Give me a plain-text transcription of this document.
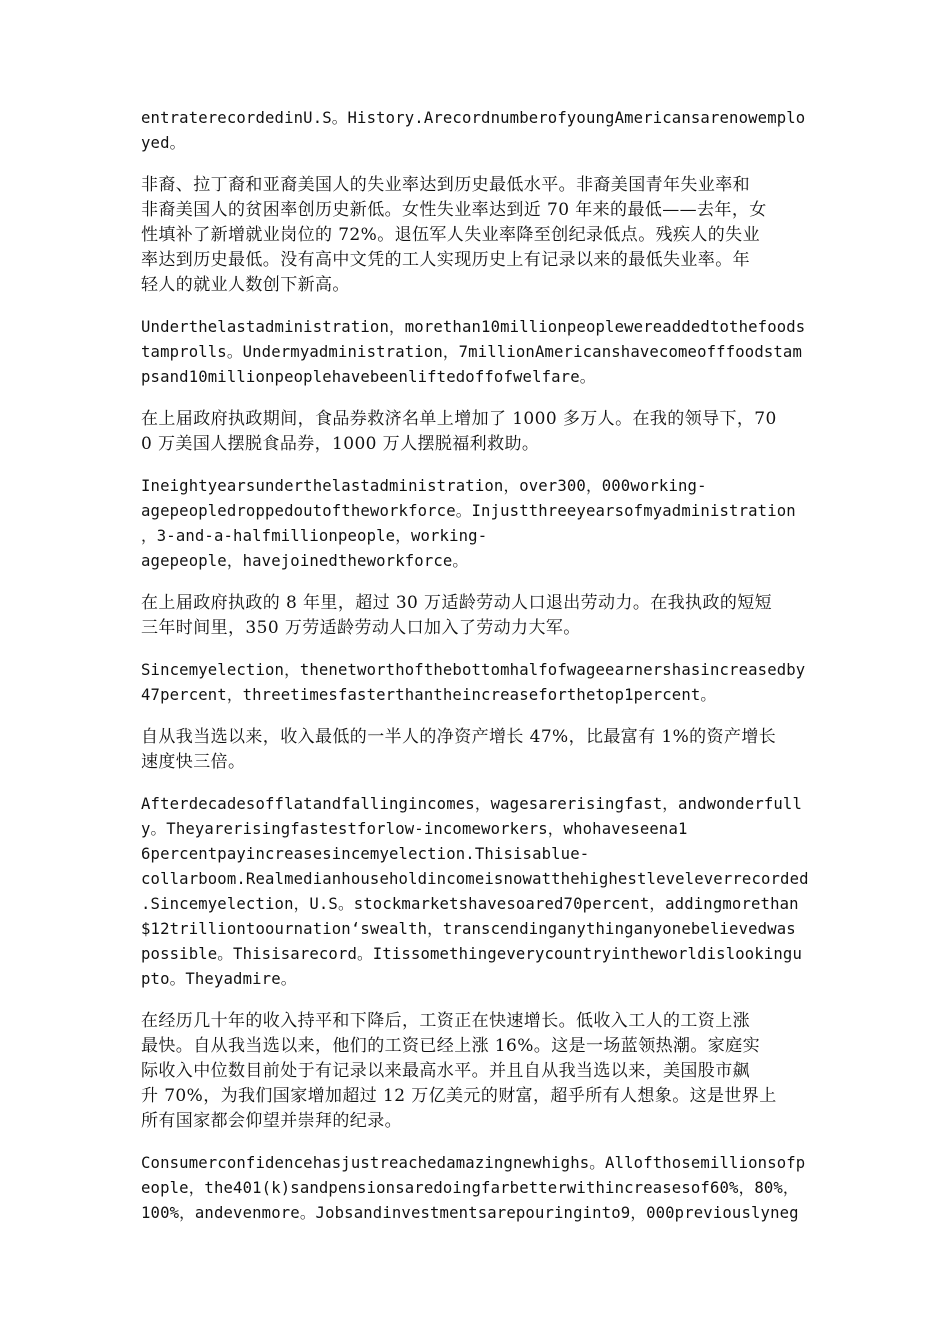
entraterecordedinU.S。History.ArecordnumberofyoungAmericansarenowemplo
yed。
非裔、拉丁裔和亚裔美国人的失业率达到历史最低水平。非裔美国青年失业率和
非裔美国人的贫困率创历史新低。女性失业率达到近 70 年来的最低——去年，女
性填补了新增就业岗位的 72%。退伍军人失业率降至创纪录低点。残疾人的失业
率达到历史最低。没有高中文凭的工人实现历史上有记录以来的最低失业率。年
轻人的就业人数创下新高。
Underthelastadministration，morethan10millionpeoplewereaddedtothefoods
tamprolls。Undermyadministration，7millionAmericanshavecomeofffoodstam
psand10millionpeoplehavebeenliftedoffofwelfare。
在上届政府执政期间，食品券救济名单上增加了 1000 多万人。在我的领导下，70
0 万美国人摆脱食品券，1000 万人摆脱福利救助。
Ineightyearsunderthelastadministration，over300，000working-
agepeopledroppedoutoftheworkforce。Injustthreeyearsofmyadministration
，3-and-a-halfmillionpeople，working-
agepeople，havejoinedtheworkforce。
在上届政府执政的 8 年里，超过 30 万适龄劳动人口退出劳动力。在我执政的短短
三年时间里，350 万劳适龄劳动人口加入了劳动力大军。
Sincemyelection，thenetworthofthebottomhalfofwageearnershasincreasedby
47percent，threetimesfasterthantheincreaseforthetop1percent。
自从我当选以来，收入最低的一半人的净资产增长 47%，比最富有 1%的资产增长
速度快三倍。
Afterdecadesofflatandfallingincomes，wagesarerisingfast，andwonderfull
y。Theyarerisingfastestforlow-incomeworkers，whohaveseena1
6percentpayincreasesincemyelection.Thisisablue-
collarboom.Realmedianhouseholdincomeisnowatthehighestleveleverrecorded
.Sincemyelection，U.S。stockmarketshavesoared70percent，addingmorethan
$12trilliontoournation‘swealth，transcendinganythinganyonebelievedwas
possible。Thisisarecord。Itissomethingeverycountryintheworldislookingu
pto。Theyadmire。
在经历几十年的收入持平和下降后，工资正在快速增长。低收入工人的工资上涨
最快。自从我当选以来，他们的工资已经上涨 16%。这是一场蓝领热潮。家庭实
际收入中位数目前处于有记录以来最高水平。并且自从我当选以来，美国股市飙
升 70%，为我们国家增加超过 12 万亿美元的财富，超乎所有人想象。这是世界上
所有国家都会仰望并崇拜的纪录。
Consumerconfidencehasjustreachedamazingnewhighs。Allofthosemillionsofp
eople，the401(k)sandpensionsaredoingfarbetterwithincreasesof60%，80%，
100%，andevenmore。Jobsandinvestmentsarepouringinto9，000previouslyneg
